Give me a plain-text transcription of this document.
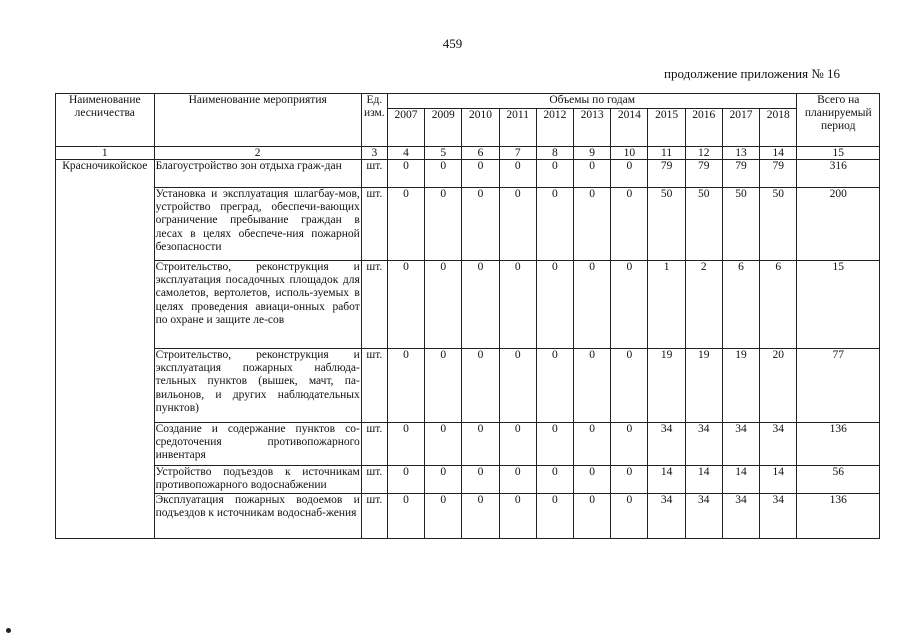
459
продолжение приложения № 16
Наименование лесничества	Наименование мероприятия	Ед. изм.	Объемы по годам											Всего на планируемый период
			2007	2009	2010	2011	2012	2013	2014	2015	2016	2017	2018	
1	2	3	4	5	6	7	8	9	10	11	12	13	14	15
Красночикойское	Благоустройство зон отдыха граж-дан	шт.	0	0	0	0	0	0	0	79	79	79	79	316
	Установка и эксплуатация шлагбау-мов, устройство преград, обеспечи-вающих ограничение пребывание граждан в лесах в целях обеспече-ния пожарной безопасности	шт.	0	0	0	0	0	0	0	50	50	50	50	200
	Строительство, реконструкция и эксплуатация посадочных площадок для самолетов, вертолетов, исполь-зуемых в целях проведения авиаци-онных работ по охране и защите ле-сов	шт.	0	0	0	0	0	0	0	1	2	6	6	15
	Строительство, реконструкция и эксплуатация пожарных наблюда-тельных пунктов (вышек, мачт, па-вильонов, и других наблюдательных пунктов)	шт.	0	0	0	0	0	0	0	19	19	19	20	77
	Создание и содержание пунктов со-средоточения противопожарного инвентаря	шт.	0	0	0	0	0	0	0	34	34	34	34	136
	Устройство подъездов к источникам противопожарного водоснабжении	шт.	0	0	0	0	0	0	0	14	14	14	14	56
	Эксплуатация пожарных водоемов и подъездов к источникам водоснаб-жения	шт.	0	0	0	0	0	0	0	34	34	34	34	136
